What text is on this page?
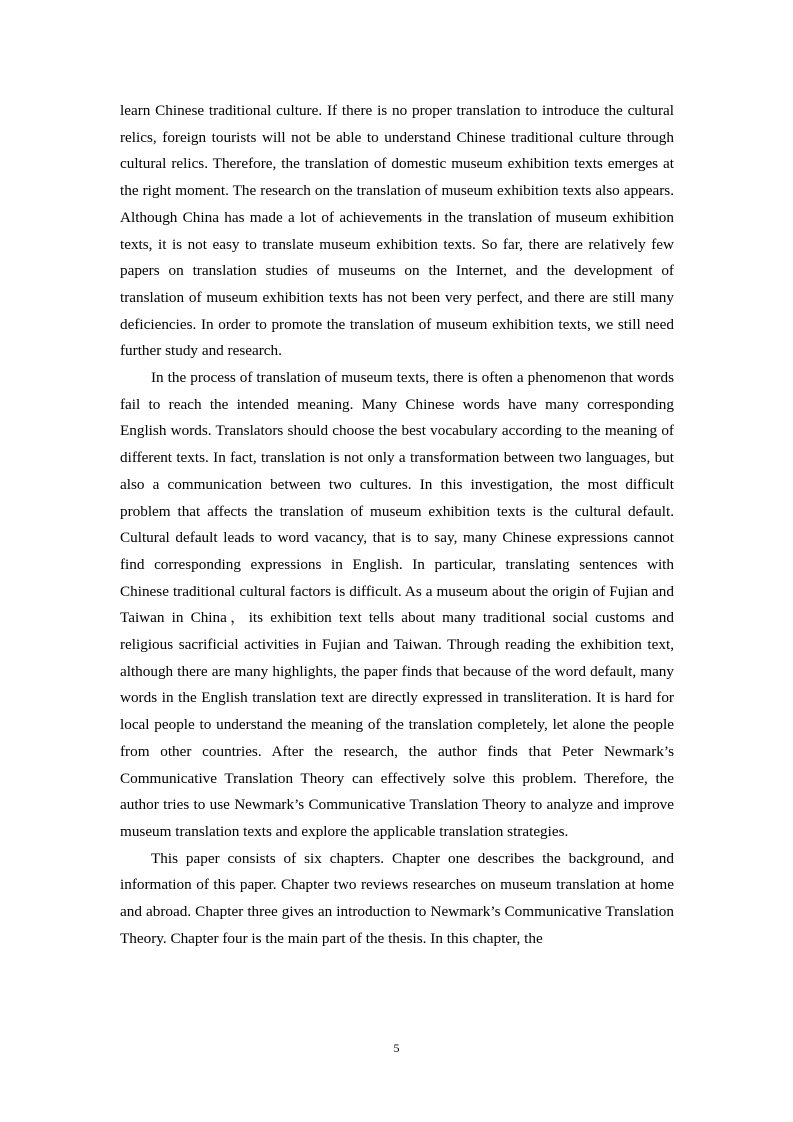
learn Chinese traditional culture. If there is no proper translation to introduce the cultural relics, foreign tourists will not be able to understand Chinese traditional culture through cultural relics. Therefore, the translation of domestic museum exhibition texts emerges at the right moment. The research on the translation of museum exhibition texts also appears. Although China has made a lot of achievements in the translation of museum exhibition texts, it is not easy to translate museum exhibition texts. So far, there are relatively few papers on translation studies of museums on the Internet, and the development of translation of museum exhibition texts has not been very perfect, and there are still many deficiencies. In order to promote the translation of museum exhibition texts, we still need further study and research.

In the process of translation of museum texts, there is often a phenomenon that words fail to reach the intended meaning. Many Chinese words have many corresponding English words. Translators should choose the best vocabulary according to the meaning of different texts. In fact, translation is not only a transformation between two languages, but also a communication between two cultures. In this investigation, the most difficult problem that affects the translation of museum exhibition texts is the cultural default. Cultural default leads to word vacancy, that is to say, many Chinese expressions cannot find corresponding expressions in English. In particular, translating sentences with Chinese traditional cultural factors is difficult. As a museum about the origin of Fujian and Taiwan in China，its exhibition text tells about many traditional social customs and religious sacrificial activities in Fujian and Taiwan. Through reading the exhibition text, although there are many highlights, the paper finds that because of the word default, many words in the English translation text are directly expressed in transliteration. It is hard for local people to understand the meaning of the translation completely, let alone the people from other countries. After the research, the author finds that Peter Newmark’s Communicative Translation Theory can effectively solve this problem. Therefore, the author tries to use Newmark’s Communicative Translation Theory to analyze and improve museum translation texts and explore the applicable translation strategies.

This paper consists of six chapters. Chapter one describes the background, and information of this paper. Chapter two reviews researches on museum translation at home and abroad. Chapter three gives an introduction to Newmark’s Communicative Translation Theory. Chapter four is the main part of the thesis. In this chapter, the

5
